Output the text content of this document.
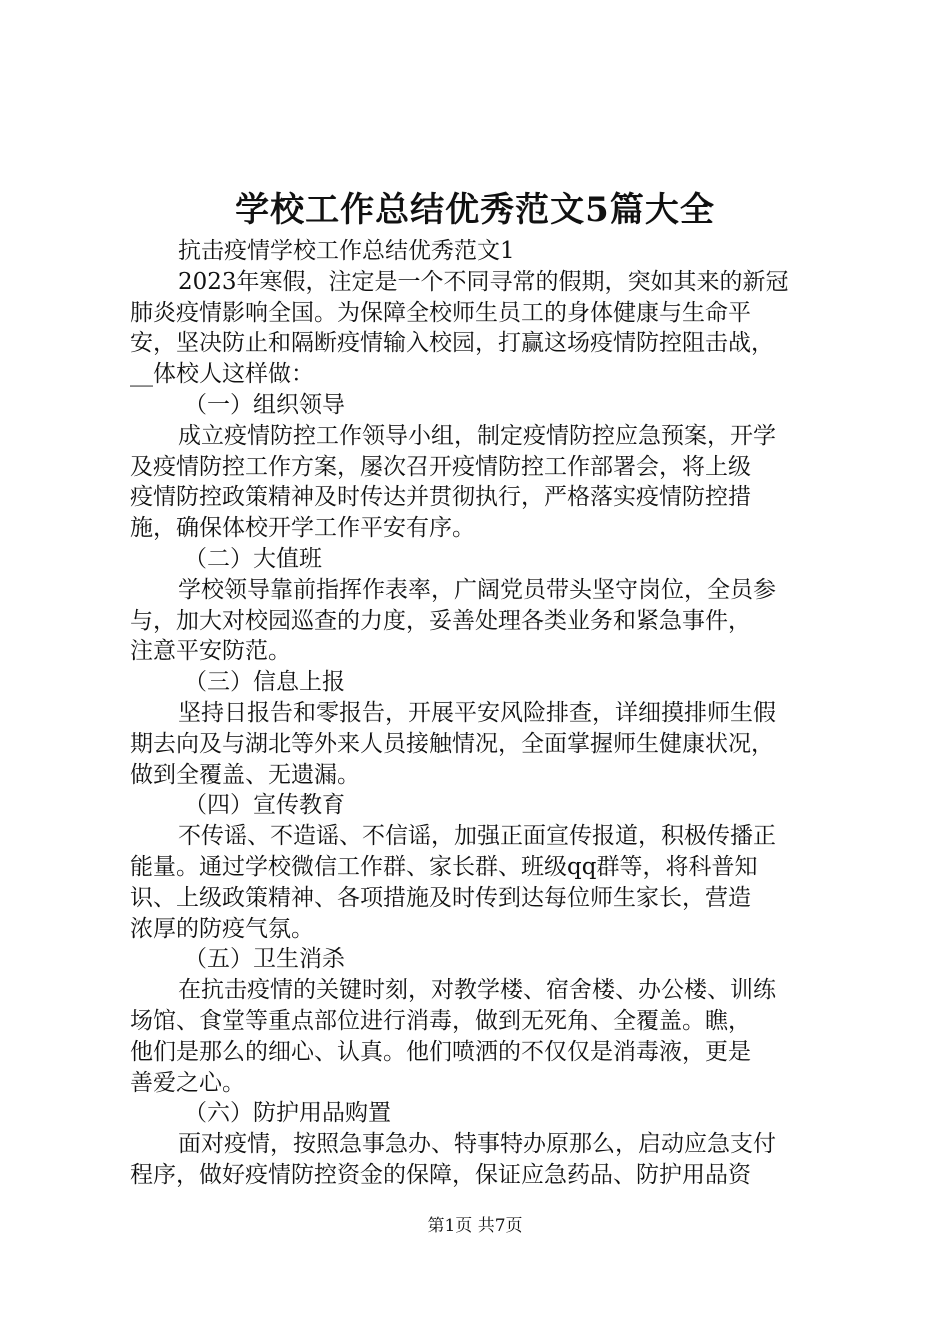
学校工作总结优秀范文5篇大全
抗击疫情学校工作总结优秀范文1
2023年寒假，注定是一个不同寻常的假期，突如其来的新冠
肺炎疫情影响全国。为保障全校师生员工的身体健康与生命平
安，坚决防止和隔断疫情输入校园，打赢这场疫情防控阻击战，
__体校人这样做：
（一）组织领导
成立疫情防控工作领导小组，制定疫情防控应急预案，开学
及疫情防控工作方案，屡次召开疫情防控工作部署会，将上级
疫情防控政策精神及时传达并贯彻执行，严格落实疫情防控措
施，确保体校开学工作平安有序。
（二）大值班
学校领导靠前指挥作表率，广阔党员带头坚守岗位，全员参
与，加大对校园巡查的力度，妥善处理各类业务和紧急事件，
注意平安防范。
（三）信息上报
坚持日报告和零报告，开展平安风险排查，详细摸排师生假
期去向及与湖北等外来人员接触情况，全面掌握师生健康状况，
做到全覆盖、无遗漏。
（四）宣传教育
不传谣、不造谣、不信谣，加强正面宣传报道，积极传播正
能量。通过学校微信工作群、家长群、班级qq群等，将科普知
识、上级政策精神、各项措施及时传到达每位师生家长，营造
浓厚的防疫气氛。
（五）卫生消杀
在抗击疫情的关键时刻，对教学楼、宿舍楼、办公楼、训练
场馆、食堂等重点部位进行消毒，做到无死角、全覆盖。瞧，
他们是那么的细心、认真。他们喷洒的不仅仅是消毒液，更是
善爱之心。
（六）防护用品购置
面对疫情，按照急事急办、特事特办原那么，启动应急支付
程序，做好疫情防控资金的保障，保证应急药品、防护用品资
第1页 共7页
